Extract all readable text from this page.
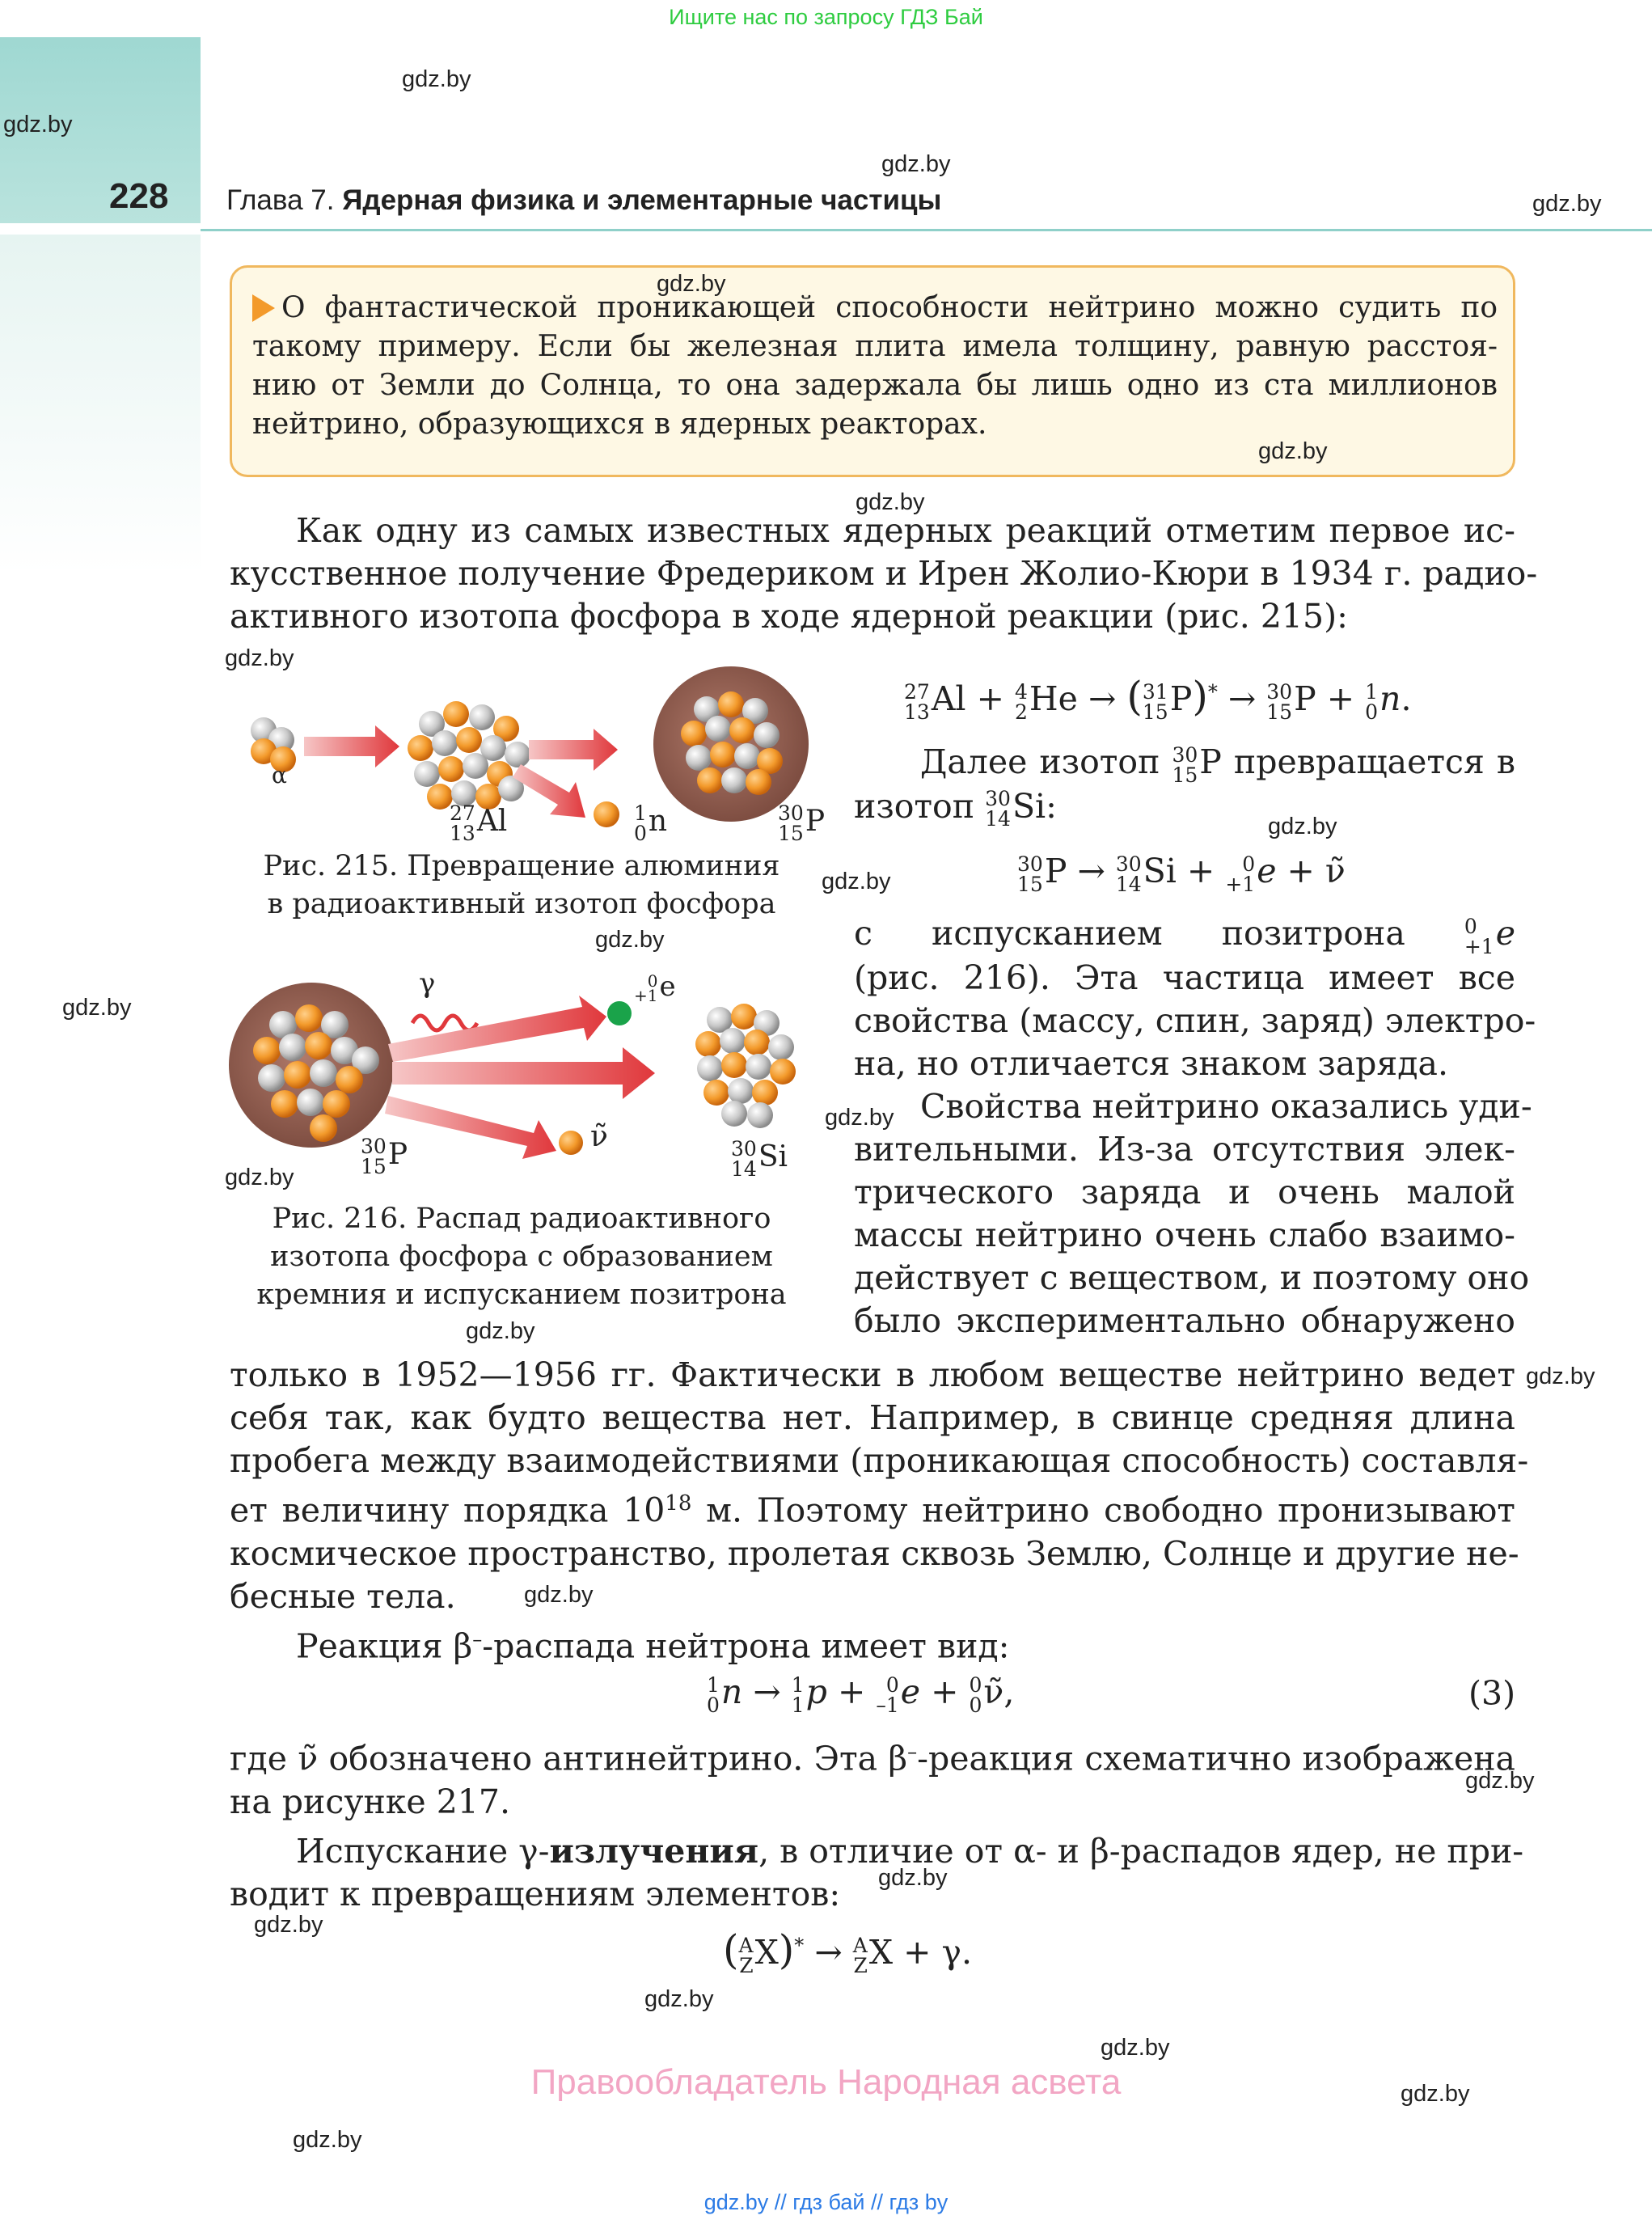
Ищите нас по запросу ГДЗ Бай
228 Глава 7. Ядерная физика и элементарные частицы
О фантастической проникающей способности нейтрино можно судить по
такому примеру. Если бы железная плита имела толщину, равную расстоя-
нию от Земли до Солнца, то она задержала бы лишь одно из ста миллионов
нейтрино, образующихся в ядерных реакторах.
Как одну из самых известных ядерных реакций отметим первое ис-
кусственное получение Фредериком и Ирен Жолио-Кюри в 1934 г. радио-
активного изотопа фосфора в ходе ядерной реакции (рис. 215):
α
27
13 Al	1
0 n	30
15 P
Рис. 215. Превращение алюминия
в радиоактивный изотоп фосфора
γ	0
+1 e
ν̃
30
15 P	30
14 Si
Рис. 216. Распад радиоактивного
изотопа фосфора с образованием
кремния и испусканием позитрона
27
13 Al + 4
2 He → ( 31
15 P)* → 30
15 P + 1
0 n.
Далее изотоп 30
15 P превращается в
изотоп 30
14 Si:
30
15 P → 30
14 Si +	0
+1 e + ν̃
с испусканием позитрона	0
+1 e
(рис. 216). Эта частица имеет все
свойства (массу, спин, заряд) электро-
на, но отличается знаком заряда.
Свойства нейтрино оказались уди-
вительными. Из-за отсутствия элек-
трического заряда и очень малой
массы нейтрино очень слабо взаимо-
действует с веществом, и поэтому оно
было экспериментально обнаружено
только в 1952—1956 гг. Фактически в любом веществе нейтрино ведет
себя так, как будто вещества нет. Например, в свинце средняя длина
пробега между взаимодействиями (проникающая способность) составля-
ет величину порядка $10^{18}$ м. Поэтому нейтрино свободно пронизывают
космическое пространство, пролетая сквозь Землю, Солнце и другие не-
бесные тела.
Реакция β–-распада нейтрона имеет вид:
1
0 n → 1
1 p +	0
–1 e + 0
0 ν̃,	(3)
где ν̃ обозначено антинейтрино. Эта β–-реакция схематично изображена
на рисунке 217.
Испускание γ-излучения, в отличие от α- и β-распадов ядер, не при-
водит к превращениям элементов:
( A
Z X)* → A
Z X + γ.
gdz.by
gdz.by
gdz.by
gdz.by
gdz.by
gdz.by
gdz.by
gdz.by
gdz.by
gdz.by
gdz.by
gdz.by
gdz.by
gdz.by
gdz.by
gdz.by
gdz.by
gdz.by
gdz.by
gdz.by
gdz.by
gdz.by
gdz.by
gdz.by
Правообладатель Народная асвета
gdz.by // гдз бай // гдз by
